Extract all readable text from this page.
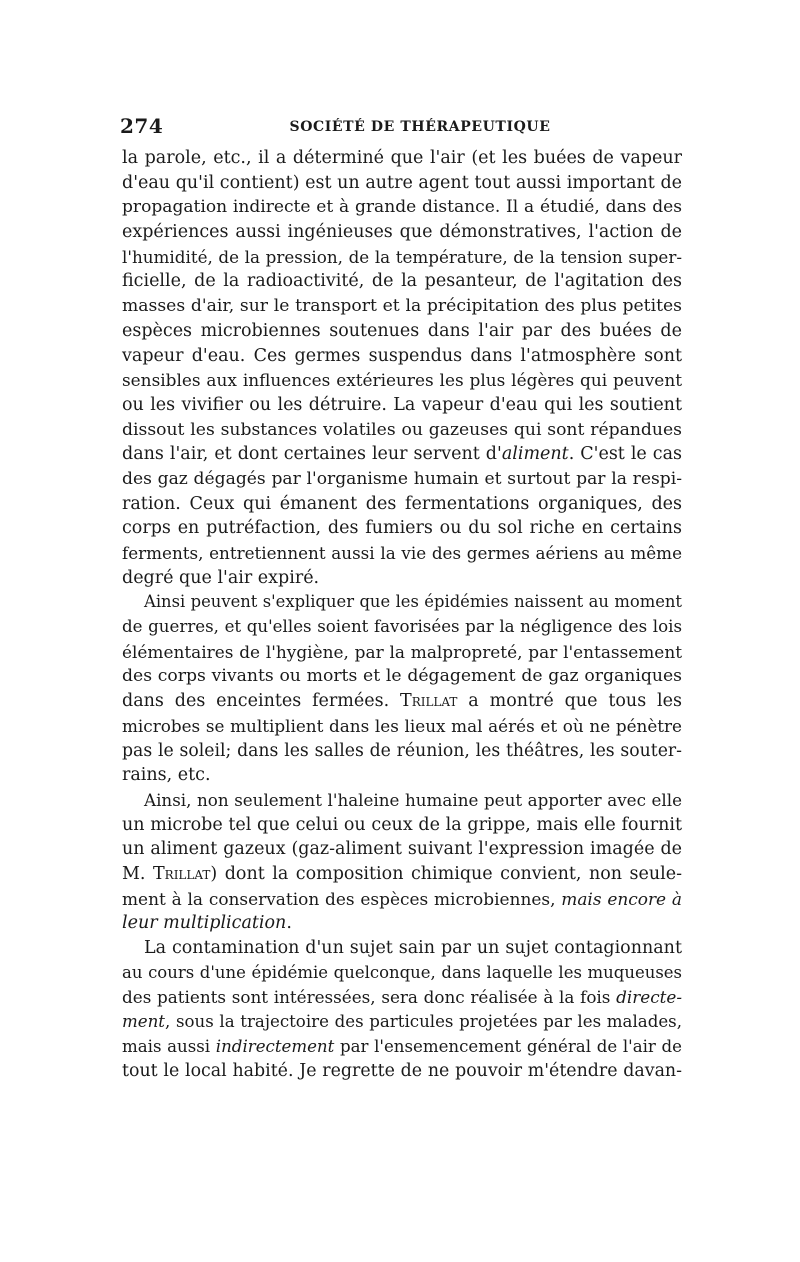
274	SOCIÉTÉ DE THÉRAPEUTIQUE
la parole, etc., il a déterminé que l'air (et les buées de vapeur
d'eau qu'il contient) est un autre agent tout aussi important de
propagation indirecte et à grande distance. Il a étudié, dans des
expériences aussi ingénieuses que démonstratives, l'action de
l'humidité, de la pression, de la température, de la tension super-
ficielle, de la radioactivité, de la pesanteur, de l'agitation des
masses d'air, sur le transport et la précipitation des plus petites
espèces microbiennes soutenues dans l'air par des buées de
vapeur d'eau. Ces germes suspendus dans l'atmosphère sont
sensibles aux influences extérieures les plus légères qui peuvent
ou les vivifier ou les détruire. La vapeur d'eau qui les soutient
dissout les substances volatiles ou gazeuses qui sont répandues
dans l'air, et dont certaines leur servent d'aliment. C'est le cas
des gaz dégagés par l'organisme humain et surtout par la respi-
ration. Ceux qui émanent des fermentations organiques, des
corps en putréfaction, des fumiers ou du sol riche en certains
ferments, entretiennent aussi la vie des germes aériens au même
degré que l'air expiré.
Ainsi peuvent s'expliquer que les épidémies naissent au moment
de guerres, et qu'elles soient favorisées par la négligence des lois
élémentaires de l'hygiène, par la malpropreté, par l'entassement
des corps vivants ou morts et le dégagement de gaz organiques
dans des enceintes fermées. Trillat a montré que tous les
microbes se multiplient dans les lieux mal aérés et où ne pénètre
pas le soleil; dans les salles de réunion, les théâtres, les souter-
rains, etc.
Ainsi, non seulement l'haleine humaine peut apporter avec elle
un microbe tel que celui ou ceux de la grippe, mais elle fournit
un aliment gazeux (gaz-aliment suivant l'expression imagée de
M. Trillat) dont la composition chimique convient, non seule-
ment à la conservation des espèces microbiennes, mais encore à
leur multiplication.
La contamination d'un sujet sain par un sujet contagionnant
au cours d'une épidémie quelconque, dans laquelle les muqueuses
des patients sont intéressées, sera donc réalisée à la fois directe-
ment, sous la trajectoire des particules projetées par les malades,
mais aussi indirectement par l'ensemencement général de l'air de
tout le local habité. Je regrette de ne pouvoir m'étendre davan-
